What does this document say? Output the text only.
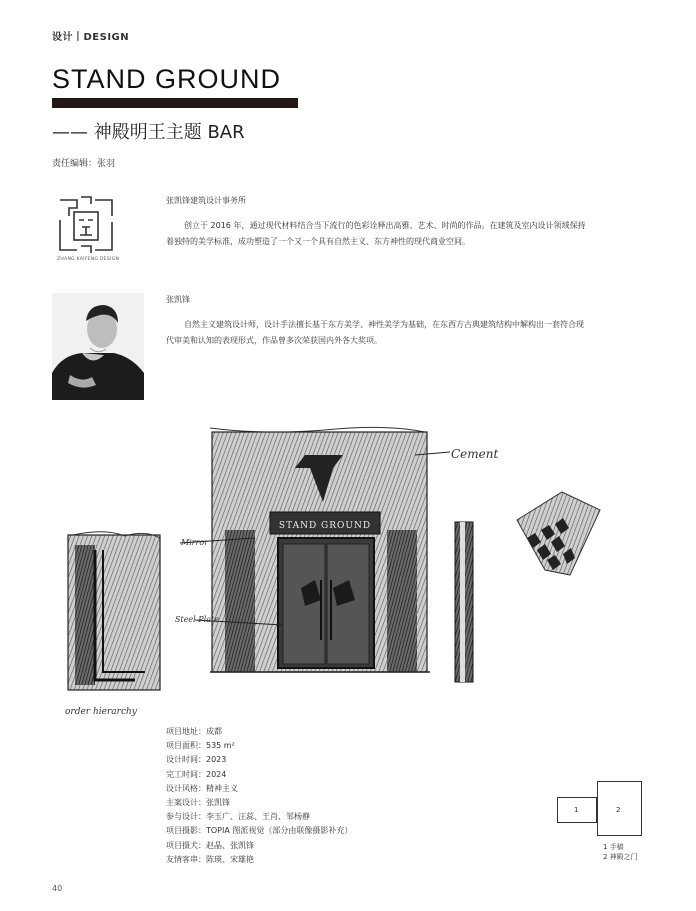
设计丨DESIGN
STAND GROUND
—— 神殿明王主题 BAR
责任编辑：张羽
ZHANG KAIFENG DESIGN
张凯锋建筑设计事务所
创立于 2016 年，通过现代材料结合当下流行的色彩诠释出高雅、艺术、时尚的作品。在建筑及室内设计领域保持着独特的美学标准，成功塑造了一个又一个具有自然主义、东方神性的现代商业空间。
张凯锋
自然主义建筑设计师，设计手法擅长基于东方美学、神性美学为基础，在东西方古典建筑结构中解构出一套符合现代审美和认知的表现形式，作品曾多次荣获国内外各大奖项。
STAND GROUND
Cement
Mirror
Steel Plate
order hierarchy
项目地址：成都
项目面积：535 m²
设计时间：2023
完工时间：2024
设计风格：精神主义
主案设计：张凯锋
参与设计：李玉广、汪蕊、王肖、邹杨静
项目摄影：TOPIA 图派视觉（部分由联像摄影补充）
项目摄犬：赵晶、张凯锋
友情客串：陈瑛、宋雄艳
1	2
1 手稿
2 神殿之门
40
